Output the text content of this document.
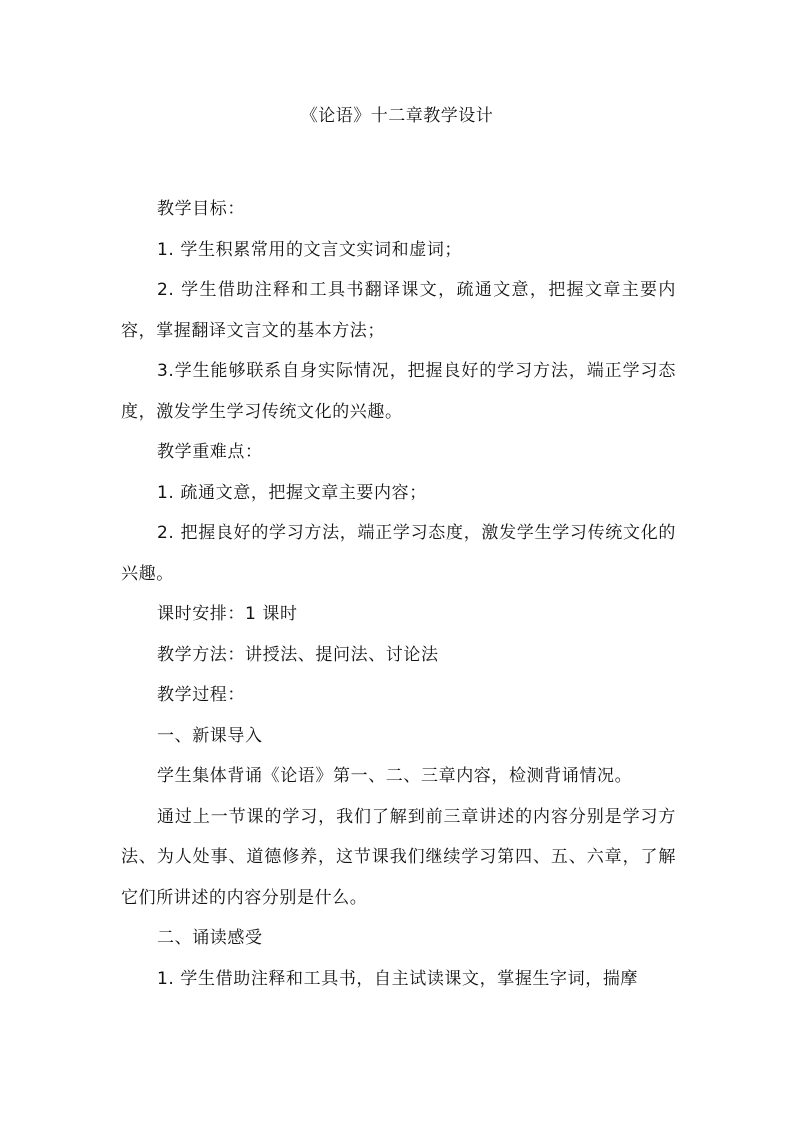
《论语》十二章教学设计

教学目标：

1. 学生积累常用的文言文实词和虚词；

2. 学生借助注释和工具书翻译课文，疏通文意，把握文章主要内容，掌握翻译文言文的基本方法；

3.学生能够联系自身实际情况，把握良好的学习方法，端正学习态度，激发学生学习传统文化的兴趣。

教学重难点：

1. 疏通文意，把握文章主要内容；

2. 把握良好的学习方法，端正学习态度，激发学生学习传统文化的兴趣。

课时安排：1 课时

教学方法：讲授法、提问法、讨论法

教学过程：

一、新课导入

学生集体背诵《论语》第一、二、三章内容，检测背诵情况。

通过上一节课的学习，我们了解到前三章讲述的内容分别是学习方法、为人处事、道德修养，这节课我们继续学习第四、五、六章，了解它们所讲述的内容分别是什么。

二、诵读感受

1. 学生借助注释和工具书，自主试读课文，掌握生字词，揣摩
